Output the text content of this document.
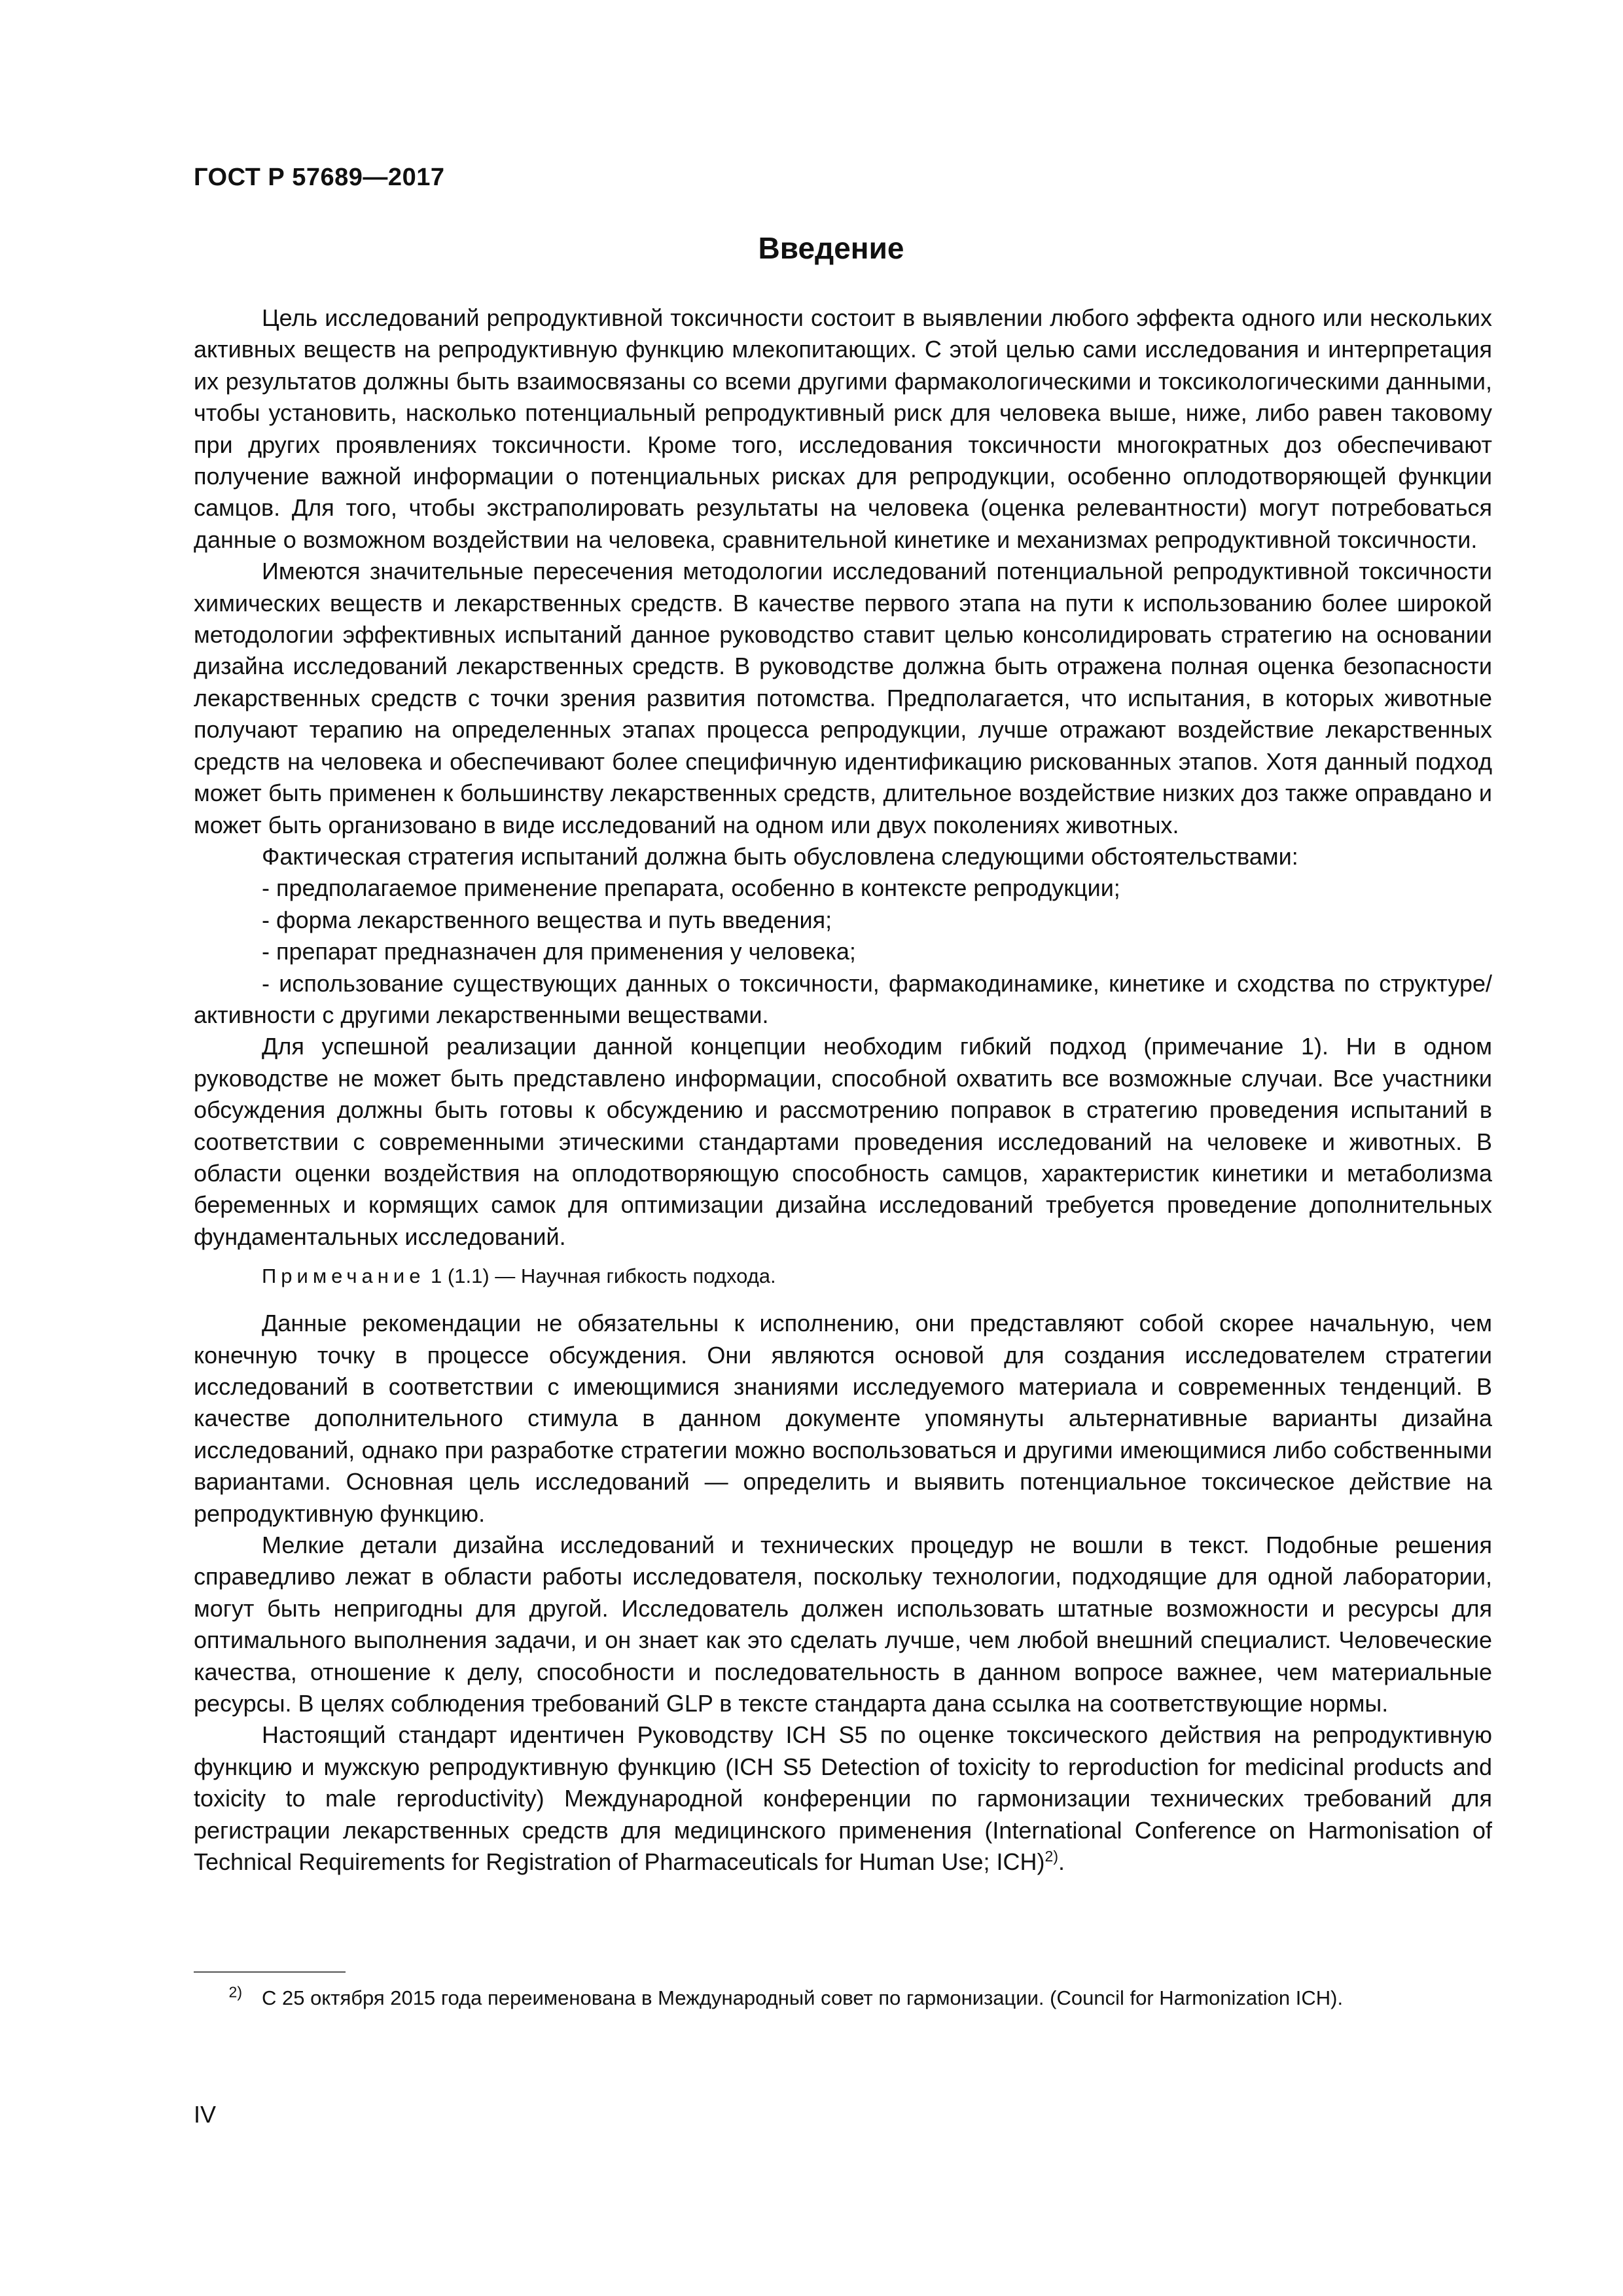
ГОСТ Р 57689—2017
Введение

Цель исследований репродуктивной токсичности состоит в выявлении любого эффекта одного или нескольких активных веществ на репродуктивную функцию млекопитающих. С этой целью сами исследования и интерпретация их результатов должны быть взаимосвязаны со всеми другими фармакологическими и токсикологическими данными, чтобы установить, насколько потенциальный репродуктивный риск для человека выше, ниже, либо равен таковому при других проявлениях токсичности. Кроме того, исследования токсичности многократных доз обеспечивают получение важной информации о потенциальных рисках для репродукции, особенно оплодотворяющей функции самцов. Для того, чтобы экстраполировать результаты на человека (оценка релевантности) могут потребоваться данные о возможном воздействии на человека, сравнительной кинетике и механизмах репродуктивной токсичности.

Имеются значительные пересечения методологии исследований потенциальной репродуктивной токсичности химических веществ и лекарственных средств. В качестве первого этапа на пути к использованию более широкой методологии эффективных испытаний данное руководство ставит целью консолидировать стратегию на основании дизайна исследований лекарственных средств. В руководстве должна быть отражена полная оценка безопасности лекарственных средств с точки зрения развития потомства. Предполагается, что испытания, в которых животные получают терапию на определенных этапах процесса репродукции, лучше отражают воздействие лекарственных средств на человека и обеспечивают более специфичную идентификацию рискованных этапов. Хотя данный подход может быть применен к большинству лекарственных средств, длительное воздействие низких доз также оправдано и может быть организовано в виде исследований на одном или двух поколениях животных.

Фактическая стратегия испытаний должна быть обусловлена следующими обстоятельствами:

- предполагаемое применение препарата, особенно в контексте репродукции;

- форма лекарственного вещества и путь введения;

- препарат предназначен для применения у человека;

- использование существующих данных о токсичности, фармакодинамике, кинетике и сходства по структуре/активности с другими лекарственными веществами.

Для успешной реализации данной концепции необходим гибкий подход (примечание 1). Ни в одном руководстве не может быть представлено информации, способной охватить все возможные случаи. Все участники обсуждения должны быть готовы к обсуждению и рассмотрению поправок в стратегию проведения испытаний в соответствии с современными этическими стандартами проведения исследований на человеке и животных. В области оценки воздействия на оплодотворяющую способность самцов, характеристик кинетики и метаболизма беременных и кормящих самок для оптимизации дизайна исследований требуется проведение дополнительных фундаментальных исследований.

Примечание 1 (1.1) — Научная гибкость подхода.

Данные рекомендации не обязательны к исполнению, они представляют собой скорее начальную, чем конечную точку в процессе обсуждения. Они являются основой для создания исследователем стратегии исследований в соответствии с имеющимися знаниями исследуемого материала и современных тенденций. В качестве дополнительного стимула в данном документе упомянуты альтернативные варианты дизайна исследований, однако при разработке стратегии можно воспользоваться и другими имеющимися либо собственными вариантами. Основная цель исследований — определить и выявить потенциальное токсическое действие на репродуктивную функцию.

Мелкие детали дизайна исследований и технических процедур не вошли в текст. Подобные решения справедливо лежат в области работы исследователя, поскольку технологии, подходящие для одной лаборатории, могут быть непригодны для другой. Исследователь должен использовать штатные возможности и ресурсы для оптимального выполнения задачи, и он знает как это сделать лучше, чем любой внешний специалист. Человеческие качества, отношение к делу, способности и последовательность в данном вопросе важнее, чем материальные ресурсы. В целях соблюдения требований GLP в тексте стандарта дана ссылка на соответствующие нормы.

Настоящий стандарт идентичен Руководству ICH S5 по оценке токсического действия на репродуктивную функцию и мужскую репродуктивную функцию (ICH S5 Detection of toxicity to reproduction for medicinal products and toxicity to male reproductivity) Международной конференции по гармонизации технических требований для регистрации лекарственных средств для медицинского применения (International Conference on Harmonisation of Technical Requirements for Registration of Pharmaceuticals for Human Use; ICH)$^{2)}$.

$^{2)}$ С 25 октября 2015 года переименована в Международный совет по гармонизации. (Council for Harmonization ICH).
IV
